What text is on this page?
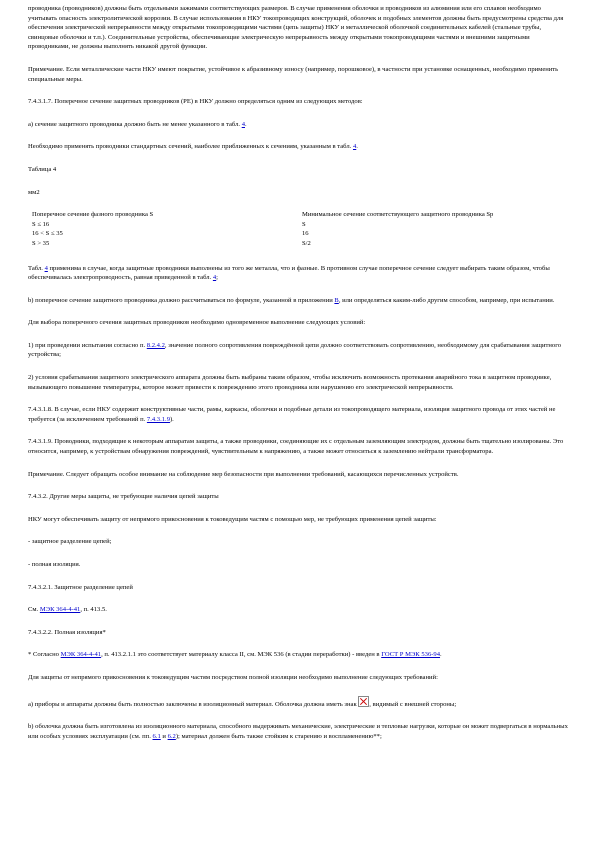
проводника (проводников) должны быть отдельными зажимами соответствующих размеров. В случае применения оболочки и проводников из алюминия или его сплавов необходимо учитывать опасность электролитической коррозии. В случае использования в НКУ токопроводящих конструкций, оболочек и подобных элементов должны быть предусмотрены средства для обеспечения электрической непрерывности между открытыми токопроводящими частями (цепь защиты) НКУ и металлической оболочкой соединительных кабелей (стальные трубы, свинцовые оболочки и т.п.). Соединительные устройства, обеспечивающие электрическую непрерывность между открытыми токопроводящими частями и внешними защитными проводниками, не должны выполнять никакой другой функции.

Примечание. Если металлические части НКУ имеют покрытие, устойчивое к абразивному износу (например, порошковое), в частности при установке оснащенных, необходимо применить специальные меры.

7.4.3.1.7. Поперечное сечение защитных проводников (PE) в НКУ должно определяться одним из следующих методов:

а) сечение защитного проводника должно быть не менее указанного в табл. 4.

Необходимо применять проводники стандартных сечений, наиболее приближенных к сечениям, указанным в табл. 4.

Таблица 4

мм2

Поперечное сечение фазного проводника S	Минимальное сечение соответствующего защитного проводника Sp
S ≤ 16	S
16 < S ≤ 35	16
S > 35	S/2

Табл. 4 применима в случае, когда защитные проводники выполнены из того же металла, что и фазные. В противном случае поперечное сечение следует выбирать таким образом, чтобы обеспечивалась электропроводность, равная приведенной в табл. 4;

b) поперечное сечение защитного проводника должно рассчитываться по формуле, указанной в приложении В, или определяться каким-либо другим способом, например, при испытании.

Для выбора поперечного сечения защитных проводников необходимо одновременное выполнение следующих условий:

1) при проведении испытания согласно п. 8.2.4.2, значение полного сопротивления повреждённой цепи должно соответствовать сопротивлению, необходимому для срабатывания защитного устройства;

2) условия срабатывания защитного электрического аппарата должны быть выбраны таким образом, чтобы исключить возможность протекания аварийного тока в защитном проводнике, вызывающего повышение температуры, которое может привести к повреждению этого проводника или нарушению его электрической непрерывности.

7.4.3.1.8. В случае, если НКУ содержит конструктивные части, рамы, каркасы, оболочки и подобные детали из токопроводящего материала, изоляция защитного провода от этих частей не требуется (за исключением требований п. 7.4.3.1.9).

7.4.3.1.9. Проводники, подходящие к некоторым аппаратам защиты, а также проводники, соединяющие их с отдельным заземляющим электродом, должны быть тщательно изолированы. Это относится, например, к устройствам обнаружения повреждений, чувствительным к напряжению, а также может относиться к заземлению нейтрали трансформатора.

Примечание. Следует обращать особое внимание на соблюдение мер безопасности при выполнении требований, касающихся перечисленных устройств.

7.4.3.2. Другие меры защиты, не требующие наличия цепей защиты

НКУ могут обеспечивать защиту от непрямого прикосновения к токоведущим частям с помощью мер, не требующих применения цепей защиты:

- защитное разделение цепей;

- полная изоляция.

7.4.3.2.1. Защитное разделение цепей

См. МЭК 364-4-41, п. 413.5.

7.4.3.2.2. Полная изоляция*

* Согласно МЭК 364-4-41, п. 413.2.1.1 это соответствует материалу класса II, см. МЭК 536 (в стадии переработки) - введен в ГОСТ Р МЭК 536-94.

Для защиты от непрямого прикосновения к токоведущим частям посредством полной изоляции необходимо выполнение следующих требований:

а) приборы и аппараты должны быть полностью заключены в изоляционный материал. Оболочка должна иметь знак , видимый с внешней стороны;

b) оболочка должна быть изготовлена из изоляционного материала, способного выдерживать механические, электрические и тепловые нагрузки, которые он может подвергаться в нормальных или особых условиях эксплуатации (см. пп. 6.1 и 6.2); материал должен быть также стойким к старению и воспламенению**;
